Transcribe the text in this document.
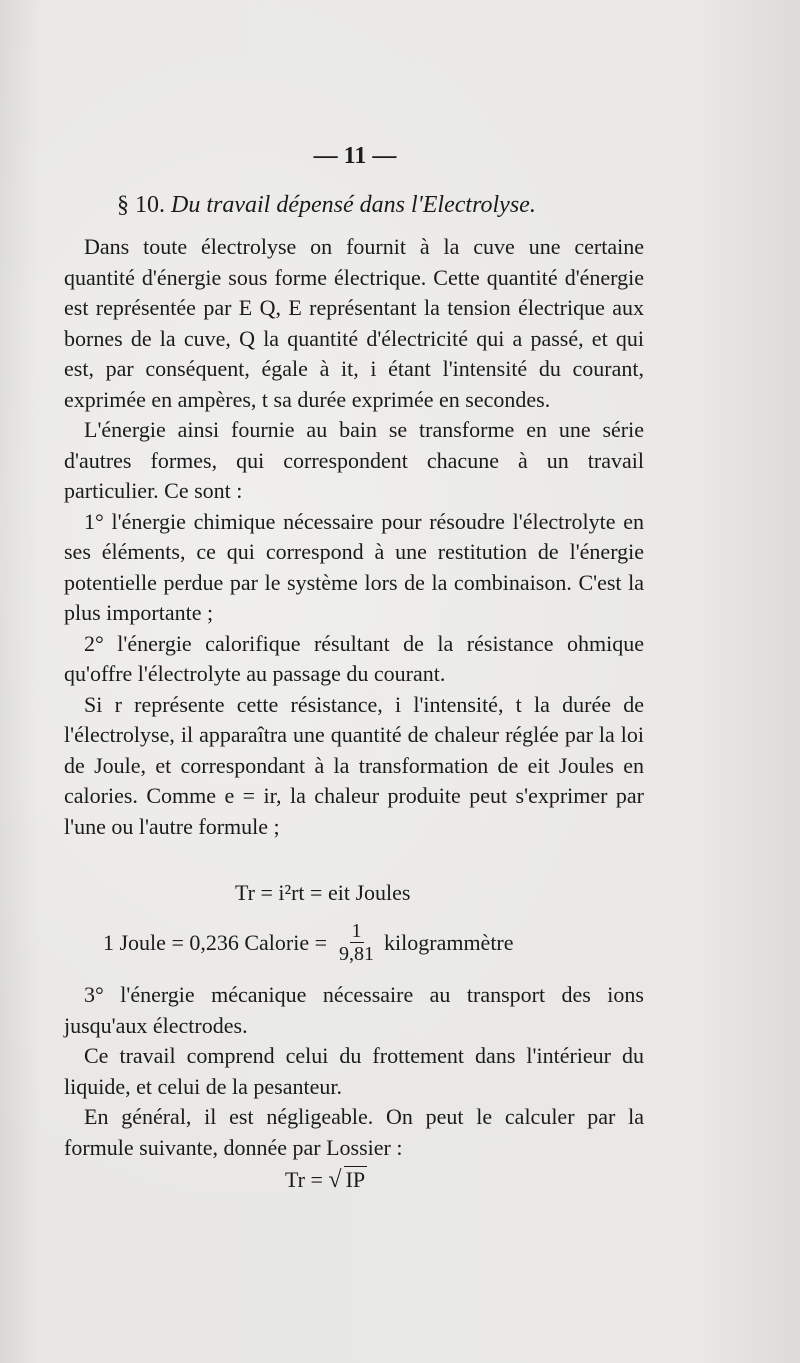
— 11 —
§ 10. Du travail dépensé dans l'Electrolyse.

Dans toute électrolyse on fournit à la cuve une certaine quantité d'énergie sous forme électrique. Cette quantité d'énergie est représentée par E Q, E représentant la tension électrique aux bornes de la cuve, Q la quantité d'électricité qui a passé, et qui est, par conséquent, égale à it, i étant l'intensité du courant, exprimée en ampères, t sa durée exprimée en secondes.

L'énergie ainsi fournie au bain se transforme en une série d'autres formes, qui correspondent chacune à un travail particulier. Ce sont :

1° l'énergie chimique nécessaire pour résoudre l'électrolyte en ses éléments, ce qui correspond à une restitution de l'énergie potentielle perdue par le système lors de la combinaison. C'est la plus importante ;

2° l'énergie calorifique résultant de la résistance ohmique qu'offre l'électrolyte au passage du courant.

Si r représente cette résistance, i l'intensité, t la durée de l'électrolyse, il apparaîtra une quantité de chaleur réglée par la loi de Joule, et correspondant à la transformation de eit Joules en calories. Comme e = ir, la chaleur produite peut s'exprimer par l'une ou l'autre formule ;

Tr = i²rt = eit Joules
1 Joule = 0,236 Calorie = $\frac{1}{9,81}$ kilogrammètre

3° l'énergie mécanique nécessaire au transport des ions jusqu'aux électrodes.

Ce travail comprend celui du frottement dans l'intérieur du liquide, et celui de la pesanteur.

En général, il est négligeable. On peut le calculer par la formule suivante, donnée par Lossier :

Tr = √ IP
